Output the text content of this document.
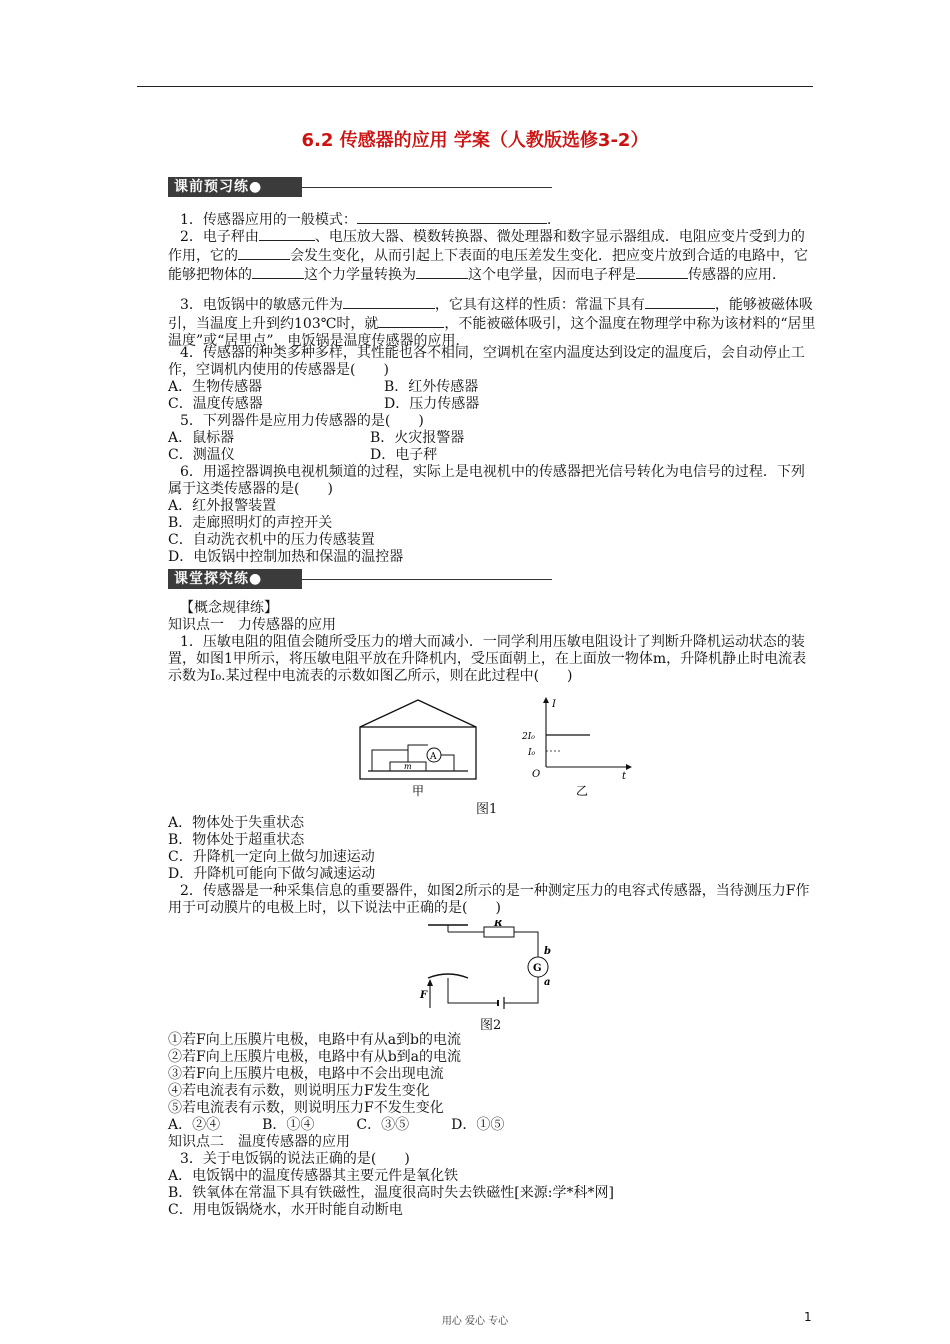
6.2 传感器的应用 学案（人教版选修3-2）
课前预习练●
1．传感器应用的一般模式：	.

2．电子秤由	、电压放大器、模数转换器、微处理器和数字显示器组成．电阻应变片受到力的作用，它的	会发生变化，从而引起上下表面的电压差发生变化．把应变片放到合适的电路中，它能够把物体的	这个力学量转换为	这个电学量，因而电子秤是	传感器的应用．

3．电饭锅中的敏感元件为	，它具有这样的性质：常温下具有	，能够被磁体吸引，当温度上升到约103℃时，就	，不能被磁体吸引，这个温度在物理学中称为该材料的“居里温度”或“居里点”，电饭锅是温度传感器的应用．

4．传感器的种类多种多样，其性能也各不相同，空调机在室内温度达到设定的温度后，会自动停止工作，空调机内使用的传感器是(　　)

A．生物传感器	B．红外传感器
C．温度传感器	D．压力传感器
5．下列器件是应用力传感器的是(　　)
A．鼠标器	B．火灾报警器
C．测温仪	D．电子秤

6．用遥控器调换电视机频道的过程，实际上是电视机中的传感器把光信号转化为电信号的过程．下列属于这类传感器的是(　　)

A．红外报警装置
B．走廊照明灯的声控开关
C．自动洗衣机中的压力传感装置
D．电饭锅中控制加热和保温的温控器
课堂探究练●
【概念规律练】
知识点一　力传感器的应用

1．压敏电阻的阻值会随所受压力的增大而减小．一同学利用压敏电阻设计了判断升降机运动状态的装置，如图1甲所示，将压敏电阻平放在升降机内，受压面朝上，在上面放一物体m，升降机静止时电流表示数为I₀.某过程中电流表的示数如图乙所示，则在此过程中(　　)

m
A
甲
I
2I₀
I₀
O	t
乙
图1
A．物体处于失重状态
B．物体处于超重状态
C．升降机一定向上做匀加速运动
D．升降机可能向下做匀减速运动

2．传感器是一种采集信息的重要器件，如图2所示的是一种测定压力的电容式传感器，当待测压力F作用于可动膜片的电极上时，以下说法中正确的是(　　)

R
b
G
a
F
图2
①若F向上压膜片电极，电路中有从a到b的电流
②若F向上压膜片电极，电路中有从b到a的电流
③若F向上压膜片电极，电路中不会出现电流
④若电流表有示数，则说明压力F发生变化
⑤若电流表有示数，则说明压力F不发生变化
A．②④　　　B．①④　　　C．③⑤　　　D．①⑤
知识点二　温度传感器的应用
3．关于电饭锅的说法正确的是(　　)
A．电饭锅中的温度传感器其主要元件是氧化铁
B．铁氧体在常温下具有铁磁性，温度很高时失去铁磁性[来源:学*科*网]
C．用电饭锅烧水，水开时能自动断电
用心 爱心 专心	1
